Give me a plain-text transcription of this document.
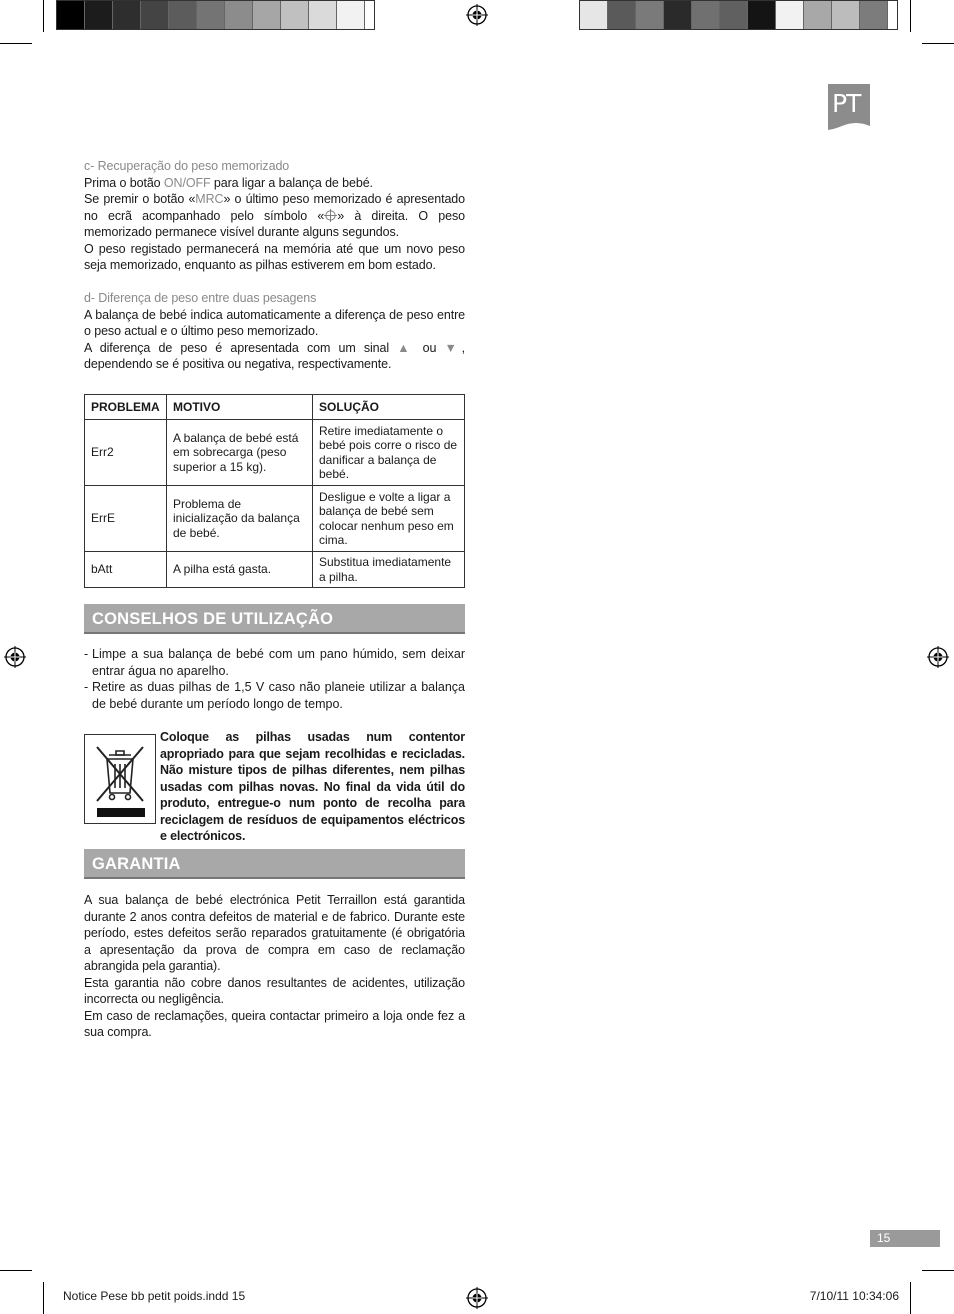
PT

c- Recuperação do peso memorizado

Prima o botão ON/OFF para ligar a balança de bebé.

Se premir o botão «MRC» o último peso memorizado é apresentado no ecrã acompanhado pelo símbolo « » à direita. O peso memorizado permanece visível durante alguns segundos.

O peso registado permanecerá na memória até que um novo peso seja memorizado, enquanto as pilhas estiverem em bom estado.

d- Diferença de peso entre duas pesagens

A balança de bebé indica automaticamente a diferença de peso entre o peso actual e o último peso memorizado.

A diferença de peso é apresentada com um sinal ▲ ou ▼, dependendo se é positiva ou negativa, respectivamente.

PROBLEMA	MOTIVO	SOLUÇÃO
Err2	A balança de bebé está em sobrecarga (peso superior a 15 kg).	Retire imediatamente o bebé pois corre o risco de danificar a balança de bebé.
ErrE	Problema de inicialização da balança de bebé.	Desligue e volte a ligar a balança de bebé sem colocar nenhum peso em cima.
bAtt	A pilha está gasta.	Substitua imediatamente a pilha.
CONSELHOS DE UTILIZAÇÃO
- Limpe a sua balança de bebé com um pano húmido, sem deixar entrar água no aparelho.
- Retire as duas pilhas de 1,5 V caso não planeie utilizar a balança de bebé durante um período longo de tempo.
Coloque as pilhas usadas num contentor apropriado para que sejam recolhidas e recicladas. Não misture tipos de pilhas diferentes, nem pilhas usadas com pilhas novas. No final da vida útil do produto, entregue-o num ponto de recolha para reciclagem de resíduos de equipamentos eléctricos e electrónicos.
GARANTIA

A sua balança de bebé electrónica Petit Terraillon está garantida durante 2 anos contra defeitos de material e de fabrico. Durante este período, estes defeitos serão reparados gratuitamente (é obrigatória a apresentação da prova de compra em caso de reclamação abrangida pela garantia).

Esta garantia não cobre danos resultantes de acidentes, utilização incorrecta ou negligência.

Em caso de reclamações, queira contactar primeiro a loja onde fez a sua compra.

15
Notice Pese bb petit poids.indd 15	7/10/11 10:34:06
